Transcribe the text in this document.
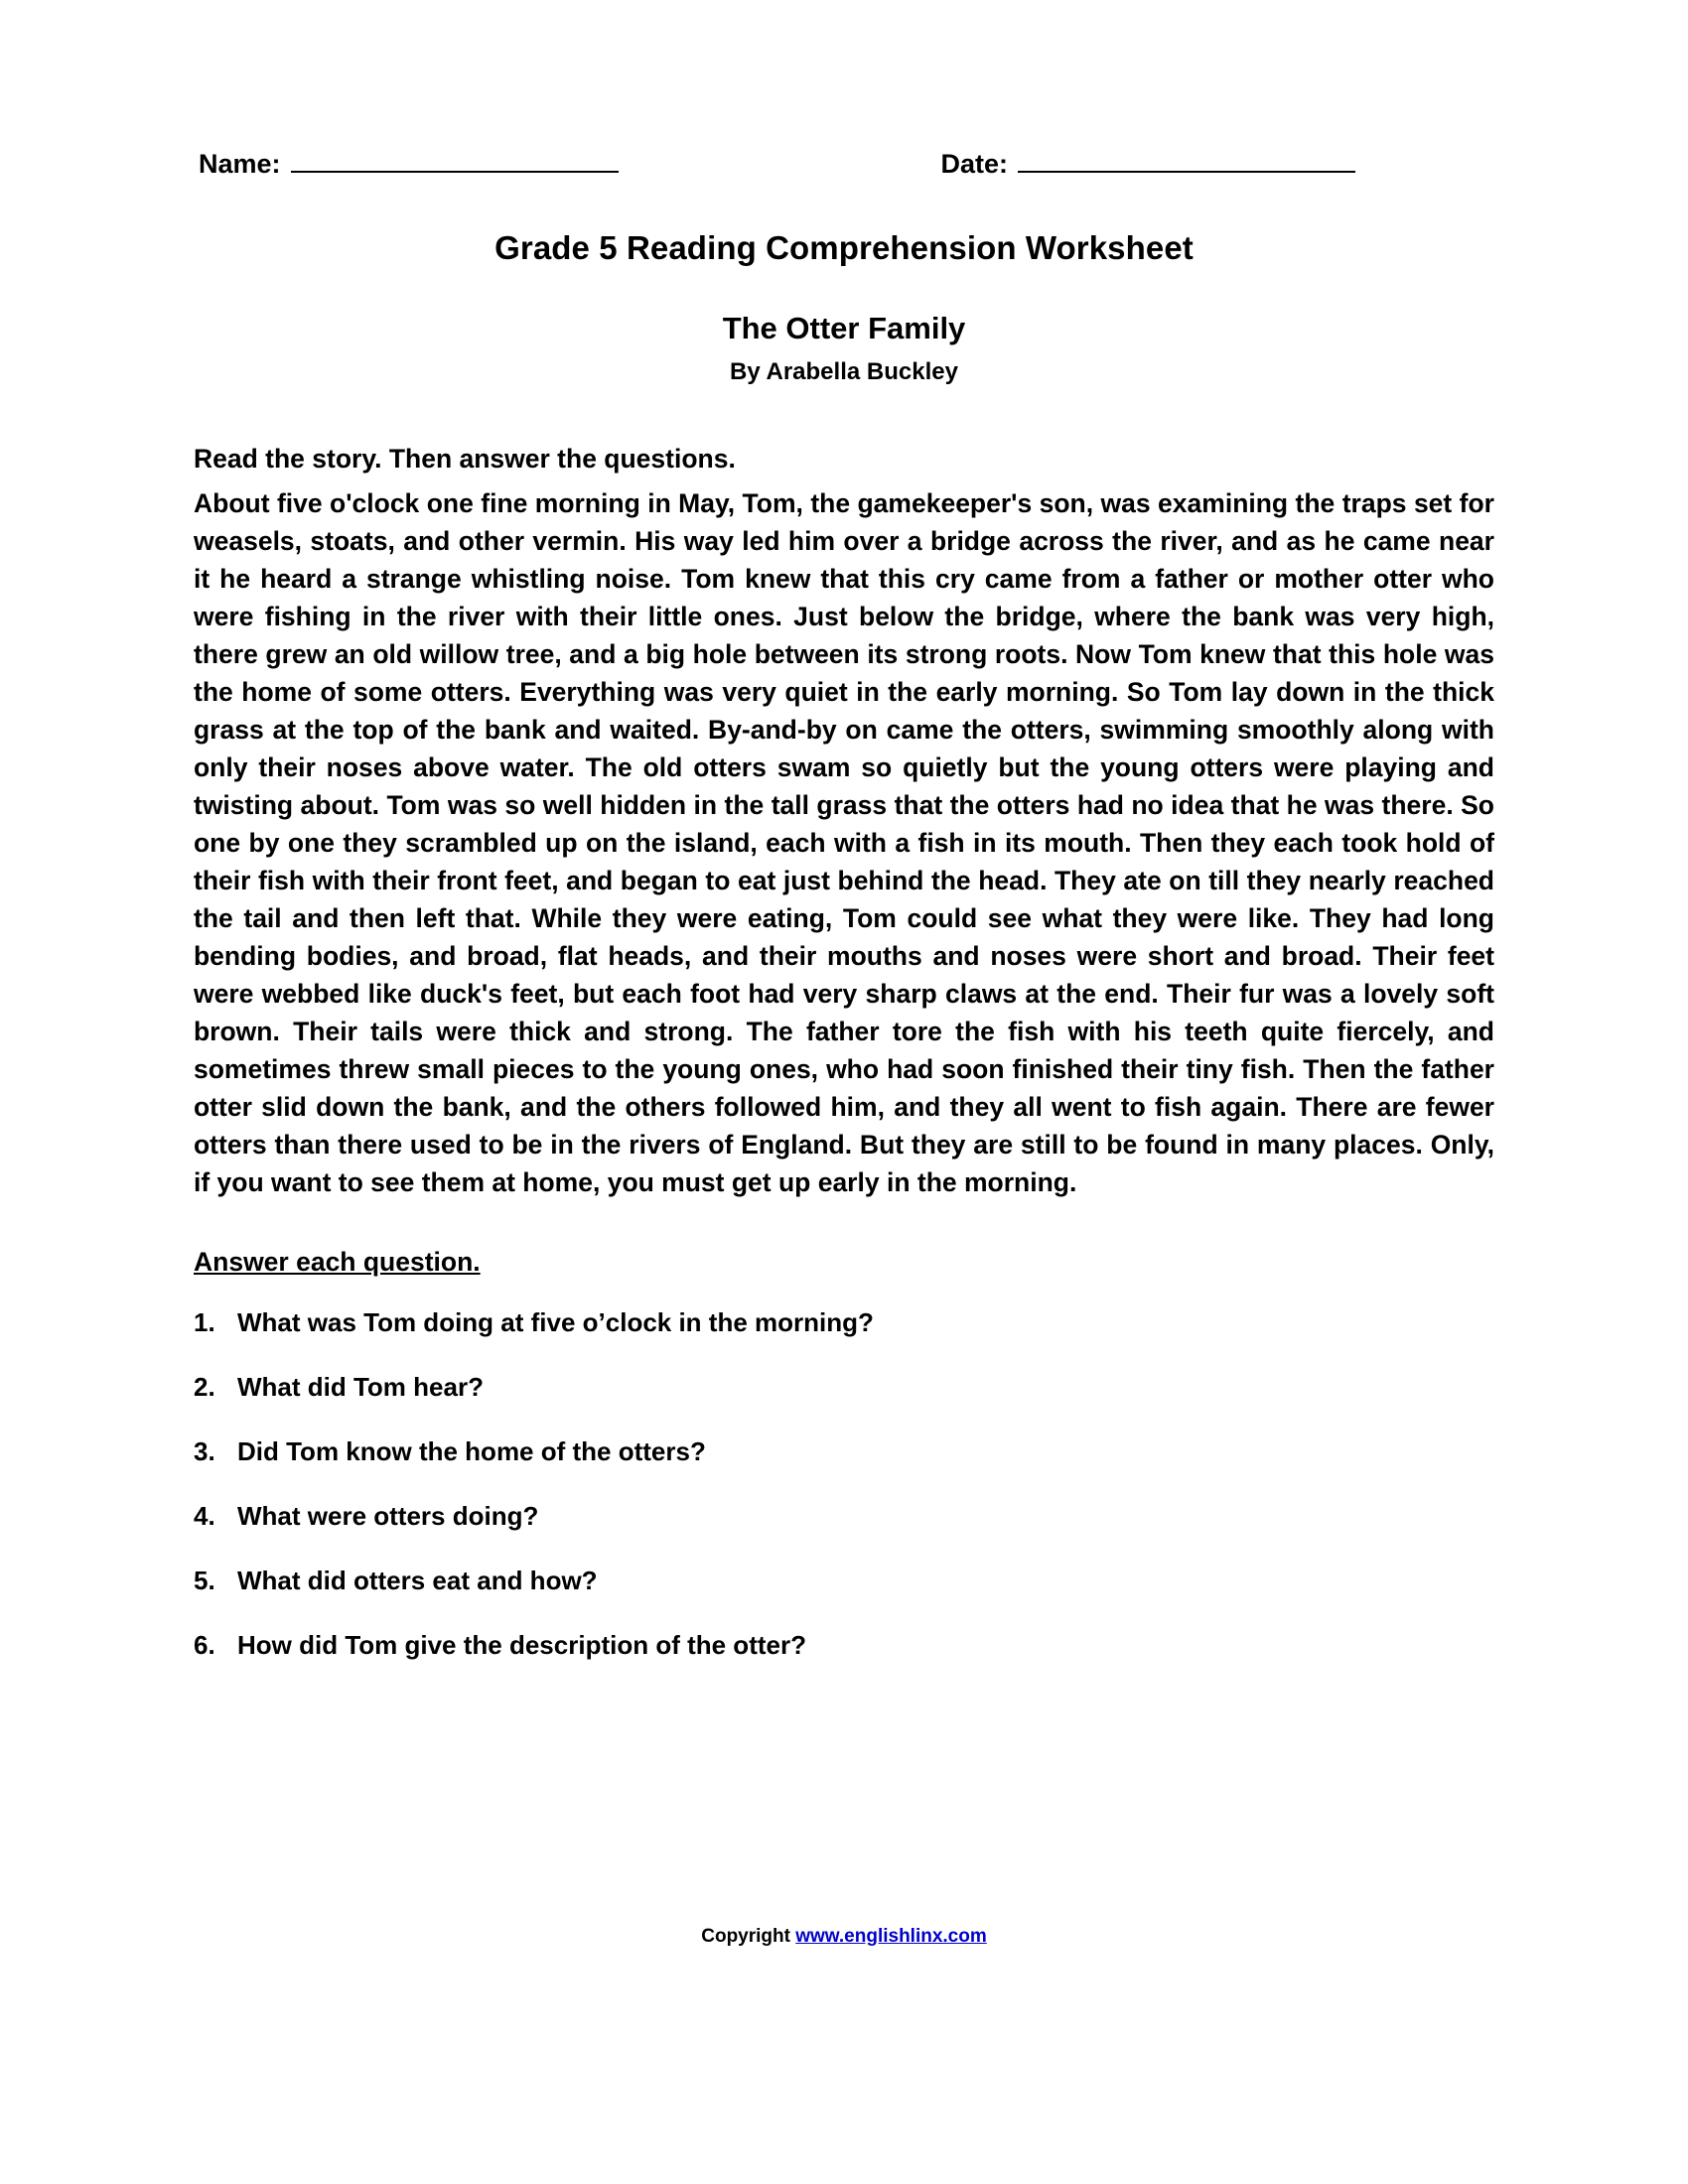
Name:	Date:
Grade 5 Reading Comprehension Worksheet
The Otter Family
By Arabella Buckley
Read the story. Then answer the questions.

About five o'clock one fine morning in May, Tom, the gamekeeper's son, was examining the traps set for weasels, stoats, and other vermin. His way led him over a bridge across the river, and as he came near it he heard a strange whistling noise. Tom knew that this cry came from a father or mother otter who were fishing in the river with their little ones. Just below the bridge, where the bank was very high, there grew an old willow tree, and a big hole between its strong roots. Now Tom knew that this hole was the home of some otters. Everything was very quiet in the early morning. So Tom lay down in the thick grass at the top of the bank and waited. By-and-by on came the otters, swimming smoothly along with only their noses above water. The old otters swam so quietly but the young otters were playing and twisting about. Tom was so well hidden in the tall grass that the otters had no idea that he was there. So one by one they scrambled up on the island, each with a fish in its mouth. Then they each took hold of their fish with their front feet, and began to eat just behind the head. They ate on till they nearly reached the tail and then left that. While they were eating, Tom could see what they were like. They had long bending bodies, and broad, flat heads, and their mouths and noses were short and broad. Their feet were webbed like duck's feet, but each foot had very sharp claws at the end. Their fur was a lovely soft brown. Their tails were thick and strong. The father tore the fish with his teeth quite fiercely, and sometimes threw small pieces to the young ones, who had soon finished their tiny fish. Then the father otter slid down the bank, and the others followed him, and they all went to fish again. There are fewer otters than there used to be in the rivers of England. But they are still to be found in many places. Only, if you want to see them at home, you must get up early in the morning.

Answer each question.
1. What was Tom doing at five o’clock in the morning?
2. What did Tom hear?
3. Did Tom know the home of the otters?
4. What were otters doing?
5. What did otters eat and how?
6. How did Tom give the description of the otter?
Copyright www.englishlinx.com
